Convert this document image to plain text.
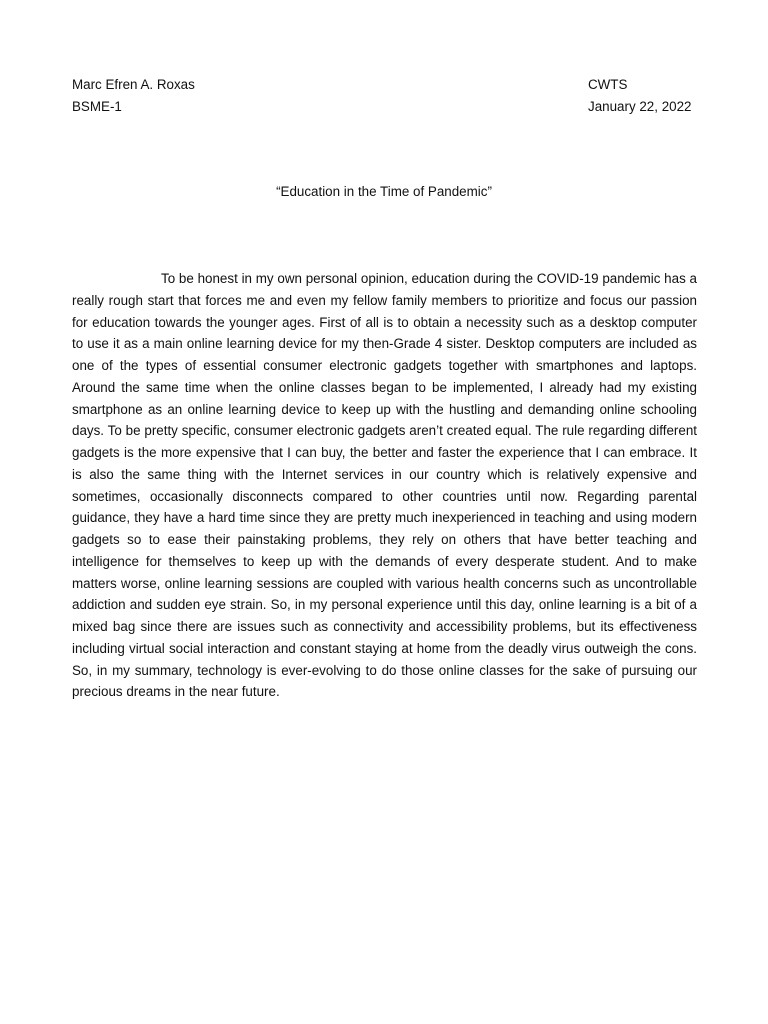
Marc Efren A. Roxas
BSME-1
CWTS
January 22, 2022
“Education in the Time of Pandemic”

To be honest in my own personal opinion, education during the COVID-19 pandemic has a really rough start that forces me and even my fellow family members to prioritize and focus our passion for education towards the younger ages. First of all is to obtain a necessity such as a desktop computer to use it as a main online learning device for my then-Grade 4 sister. Desktop computers are included as one of the types of essential consumer electronic gadgets together with smartphones and laptops. Around the same time when the online classes began to be implemented, I already had my existing smartphone as an online learning device to keep up with the hustling and demanding online schooling days. To be pretty specific, consumer electronic gadgets aren’t created equal. The rule regarding different gadgets is the more expensive that I can buy, the better and faster the experience that I can embrace. It is also the same thing with the Internet services in our country which is relatively expensive and sometimes, occasionally disconnects compared to other countries until now. Regarding parental guidance, they have a hard time since they are pretty much inexperienced in teaching and using modern gadgets so to ease their painstaking problems, they rely on others that have better teaching and intelligence for themselves to keep up with the demands of every desperate student. And to make matters worse, online learning sessions are coupled with various health concerns such as uncontrollable addiction and sudden eye strain. So, in my personal experience until this day, online learning is a bit of a mixed bag since there are issues such as connectivity and accessibility problems, but its effectiveness including virtual social interaction and constant staying at home from the deadly virus outweigh the cons. So, in my summary, technology is ever-evolving to do those online classes for the sake of pursuing our precious dreams in the near future.
